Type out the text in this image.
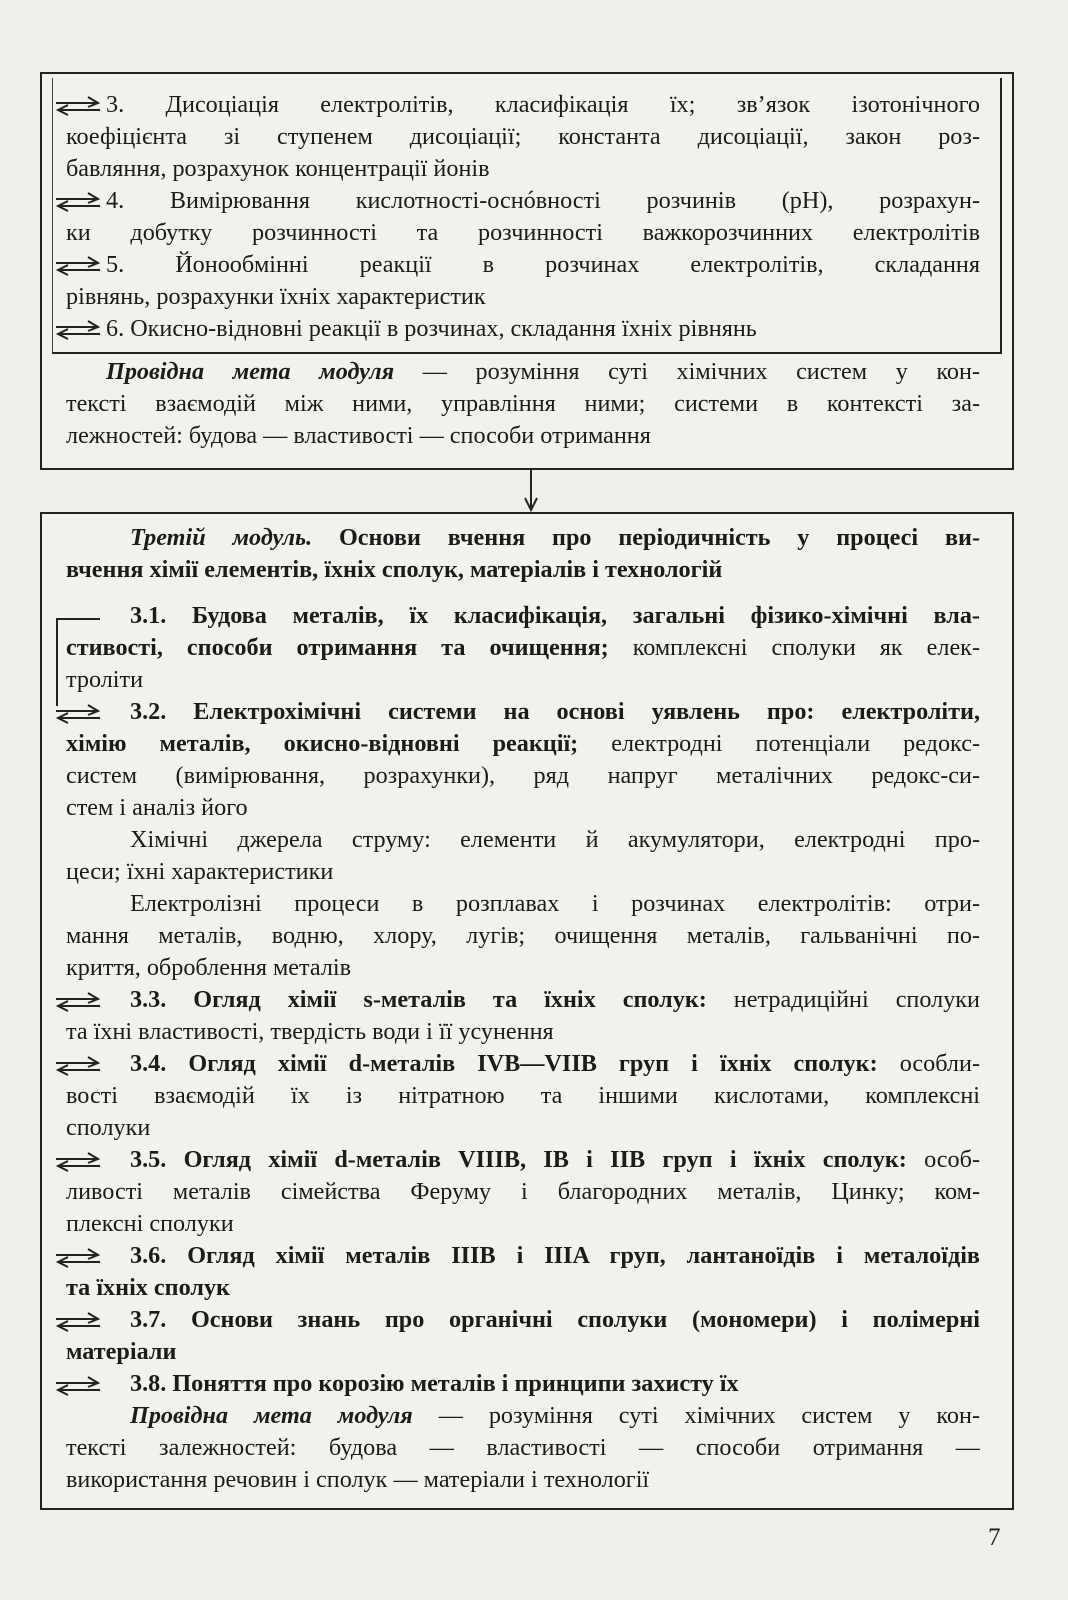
3. Дисоціація електролітів, класифікація їх; зв’язок ізотонічного
коефіцієнта зі ступенем дисоціації; константа дисоціації, закон роз-
бавляння, розрахунок концентрації йонів
4. Вимірювання кислотності-оснóвності розчинів (pH), розрахун-
ки добутку розчинності та розчинності важкорозчинних електролітів
5. Йонообмінні реакції в розчинах електролітів, складання
рівнянь, розрахунки їхніх характеристик
6. Окисно-відновні реакції в розчинах, складання їхніх рівнянь
Провідна мета модуля — розуміння суті хімічних систем у кон-
тексті взаємодій між ними, управління ними; системи в контексті за-
лежностей: будова — властивості — способи отримання
Третій модуль. Основи вчення про періодичність у процесі ви-
вчення хімії елементів, їхніх сполук, матеріалів і технологій
3.1. Будова металів, їх класифікація, загальні фізико-хімічні вла-
стивості, способи отримання та очищення; комплексні сполуки як елек-
троліти
3.2. Електрохімічні системи на основі уявлень про: електроліти,
хімію металів, окисно-відновні реакції; електродні потенціали редокс-
систем (вимірювання, розрахунки), ряд напруг металічних редокс-си-
стем і аналіз його
Хімічні джерела струму: елементи й акумулятори, електродні про-
цеси; їхні характеристики
Електролізні процеси в розплавах і розчинах електролітів: отри-
мання металів, водню, хлору, лугів; очищення металів, гальванічні по-
криття, оброблення металів
3.3. Огляд хімії s-металів та їхніх сполук: нетрадиційні сполуки
та їхні властивості, твердість води і її усунення
3.4. Огляд хімії d-металів IVB—VIIB груп і їхніх сполук: особли-
вості взаємодій їх із нітратною та іншими кислотами, комплексні
сполуки
3.5. Огляд хімії d-металів VIIIB, IB і IIB груп і їхніх сполук: особ-
ливості металів сімейства Феруму і благородних металів, Цинку; ком-
плексні сполуки
3.6. Огляд хімії металів IIIB і IIIA груп, лантаноїдів і металоїдів
та їхніх сполук
3.7. Основи знань про органічні сполуки (мономери) і полімерні
матеріали
3.8. Поняття про корозію металів і принципи захисту їх
Провідна мета модуля — розуміння суті хімічних систем у кон-
тексті залежностей: будова — властивості — способи отримання —
використання речовин і сполук — матеріали і технології
7
